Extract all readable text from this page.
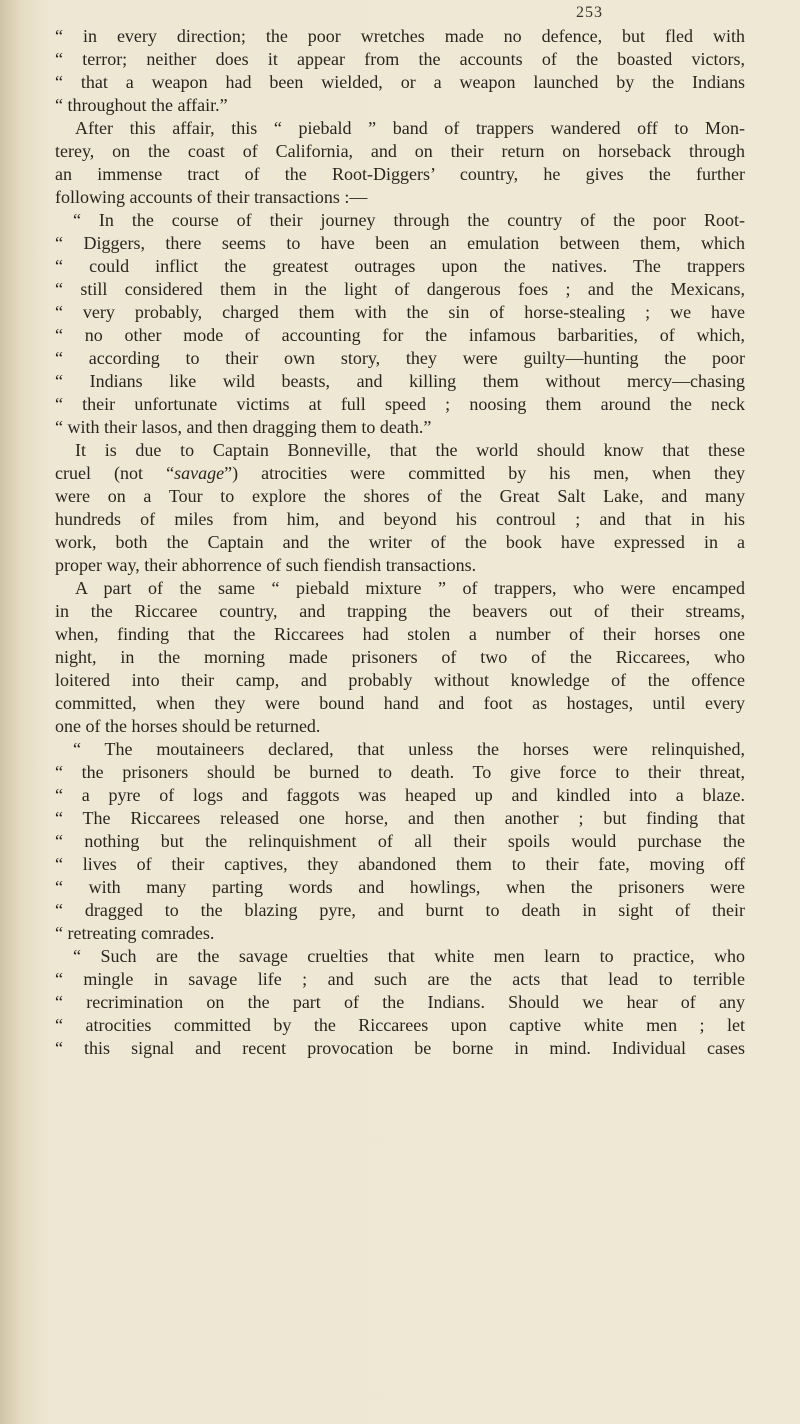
253
“ in every direction; the poor wretches made no defence, but fled with
“ terror; neither does it appear from the accounts of the boasted victors,
“ that a weapon had been wielded, or a weapon launched by the Indians
“ throughout the affair.”
After this affair, this “ piebald ” band of trappers wandered off to Mon-
terey, on the coast of California, and on their return on horseback through
an immense tract of the Root-Diggers’ country, he gives the further
following accounts of their transactions :—
“ In the course of their journey through the country of the poor Root-
“ Diggers, there seems to have been an emulation between them, which
“ could inflict the greatest outrages upon the natives. The trappers
“ still considered them in the light of dangerous foes ; and the Mexicans,
“ very probably, charged them with the sin of horse-stealing ; we have
“ no other mode of accounting for the infamous barbarities, of which,
“ according to their own story, they were guilty—hunting the poor
“ Indians like wild beasts, and killing them without mercy—chasing
“ their unfortunate victims at full speed ; noosing them around the neck
“ with their lasos, and then dragging them to death.”
It is due to Captain Bonneville, that the world should know that these
cruel (not “savage”) atrocities were committed by his men, when they
were on a Tour to explore the shores of the Great Salt Lake, and many
hundreds of miles from him, and beyond his controul ; and that in his
work, both the Captain and the writer of the book have expressed in a
proper way, their abhorrence of such fiendish transactions.
A part of the same “ piebald mixture ” of trappers, who were encamped
in the Riccaree country, and trapping the beavers out of their streams,
when, finding that the Riccarees had stolen a number of their horses one
night, in the morning made prisoners of two of the Riccarees, who
loitered into their camp, and probably without knowledge of the offence
committed, when they were bound hand and foot as hostages, until every
one of the horses should be returned.
“ The moutaineers declared, that unless the horses were relinquished,
“ the prisoners should be burned to death. To give force to their threat,
“ a pyre of logs and faggots was heaped up and kindled into a blaze.
“ The Riccarees released one horse, and then another ; but finding that
“ nothing but the relinquishment of all their spoils would purchase the
“ lives of their captives, they abandoned them to their fate, moving off
“ with many parting words and howlings, when the prisoners were
“ dragged to the blazing pyre, and burnt to death in sight of their
“ retreating comrades.
“ Such are the savage cruelties that white men learn to practice, who
“ mingle in savage life ; and such are the acts that lead to terrible
“ recrimination on the part of the Indians. Should we hear of any
“ atrocities committed by the Riccarees upon captive white men ; let
“ this signal and recent provocation be borne in mind. Individual cases
